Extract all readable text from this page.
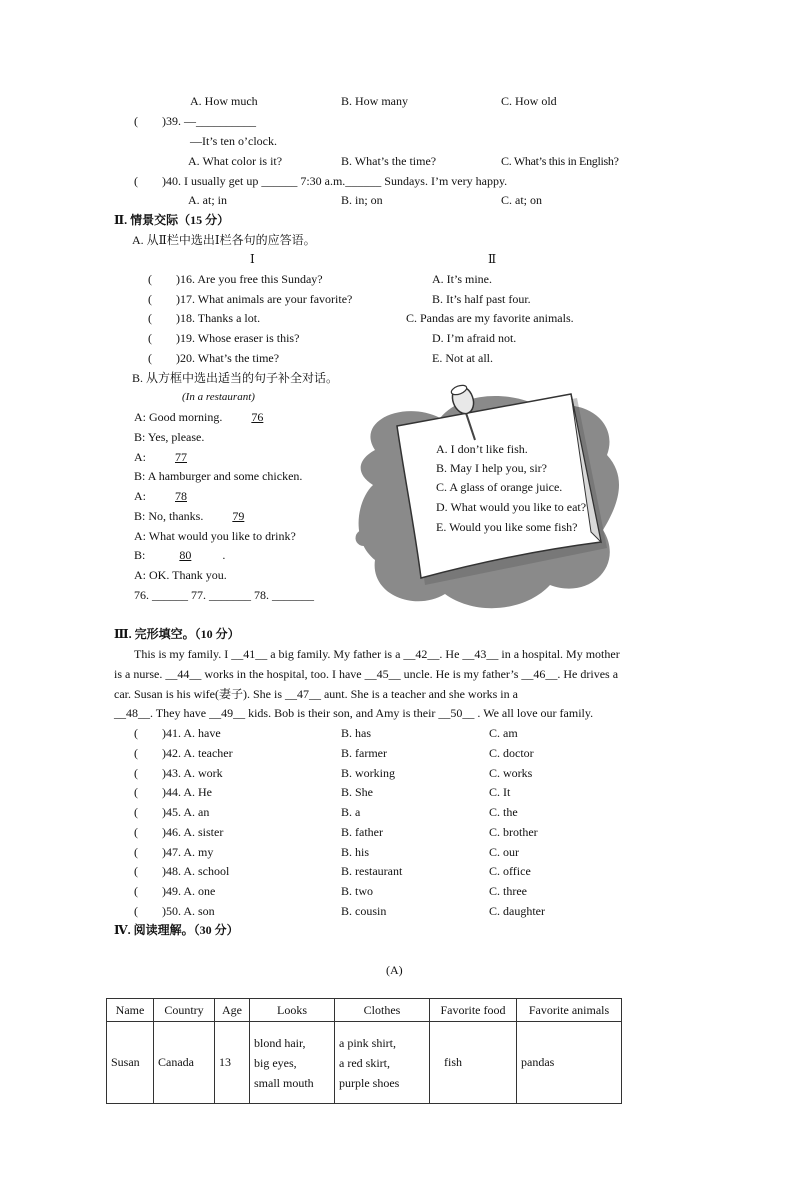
A. How much	B. How many	C. How old
(　　)39. —__________
—It’s ten o’clock.
A. What color is it?	B. What’s the time?	C. What’s this in English?
(　　)40. I usually get up ______ 7:30 a.m.______ Sundays. I’m very happy.
A. at; in	B. in; on	C. at; on
Ⅱ. 情景交际（15 分）
A. 从Ⅱ栏中选出Ⅰ栏各句的应答语。
Ⅰ	Ⅱ
(　　)16. Are you free this Sunday?	A. It’s mine.
(　　)17. What animals are your favorite?	B. It’s half past four.
(　　)18. Thanks a lot.	C. Pandas are my favorite animals.
(　　)19. Whose eraser is this?	D. I’m afraid not.
(　　)20. What’s the time?	E. Not at all.
B. 从方框中选出适当的句子补全对话。
(In a restaurant)
A: Good morning. 76
B: Yes, please.
A: 77
B: A hamburger and some chicken.
A: 78
B: No, thanks. 79
A: What would you like to drink?
B:	80	.
A: OK. Thank you.
76. ______ 77. _______ 78. _______
A. I don’t like fish.
B. May I help you, sir?
C. A glass of orange juice.
D. What would you like to eat?
E. Would you like some fish?
Ⅲ. 完形填空。（10 分）
This is my family. I __41__ a big family. My father is a __42__. He __43__ in a hospital. My mother
is a nurse. __44__ works in the hospital, too. I have __45__ uncle. He is my father’s __46__. He drives a
car. Susan is his wife(妻子). She is __47__ aunt. She is a teacher and she works in a
__48__. They have __49__ kids. Bob is their son, and Amy is their __50__ . We all love our family.
(　　)41. A. have	B. has	C. am
(　　)42. A. teacher	B. farmer	C. doctor
(　　)43. A. work	B. working	C. works
(　　)44. A. He	B. She	C. It
(　　)45. A. an	B. a	C. the
(　　)46. A. sister	B. father	C. brother
(　　)47. A. my	B. his	C. our
(　　)48. A. school	B. restaurant	C. office
(　　)49. A. one	B. two	C. three
(　　)50. A. son	B. cousin	C. daughter
Ⅳ. 阅读理解。（30 分）
(A)
Name	Country	Age	Looks	Clothes	Favorite food	Favorite animals
Susan	Canada	13	blond hair,
big eyes,
small mouth	a pink shirt,
a red skirt,
purple shoes	fish	pandas
